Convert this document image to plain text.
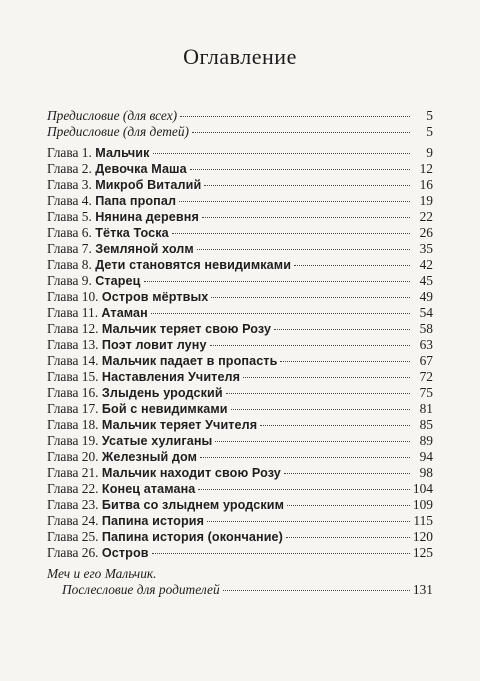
Оглавление
Предисловие (для всех)	5
Предисловие (для детей)	5
Глава 1. Мальчик	9
Глава 2. Девочка Маша	12
Глава 3. Микроб Виталий	16
Глава 4. Папа пропал	19
Глава 5. Нянина деревня	22
Глава 6. Тётка Тоска	26
Глава 7. Земляной холм	35
Глава 8. Дети становятся невидимками	42
Глава 9. Старец	45
Глава 10. Остров мёртвых	49
Глава 11. Атаман	54
Глава 12. Мальчик теряет свою Розу	58
Глава 13. Поэт ловит луну	63
Глава 14. Мальчик падает в пропасть	67
Глава 15. Наставления Учителя	72
Глава 16. Злыдень уродский	75
Глава 17. Бой с невидимками	81
Глава 18. Мальчик теряет Учителя	85
Глава 19. Усатые хулиганы	89
Глава 20. Железный дом	94
Глава 21. Мальчик находит свою Розу	98
Глава 22. Конец атамана	104
Глава 23. Битва со злыднем уродским	109
Глава 24. Папина история	115
Глава 25. Папина история (окончание)	120
Глава 26. Остров	125
Меч и его Мальчик.
Послесловие для родителей	131
